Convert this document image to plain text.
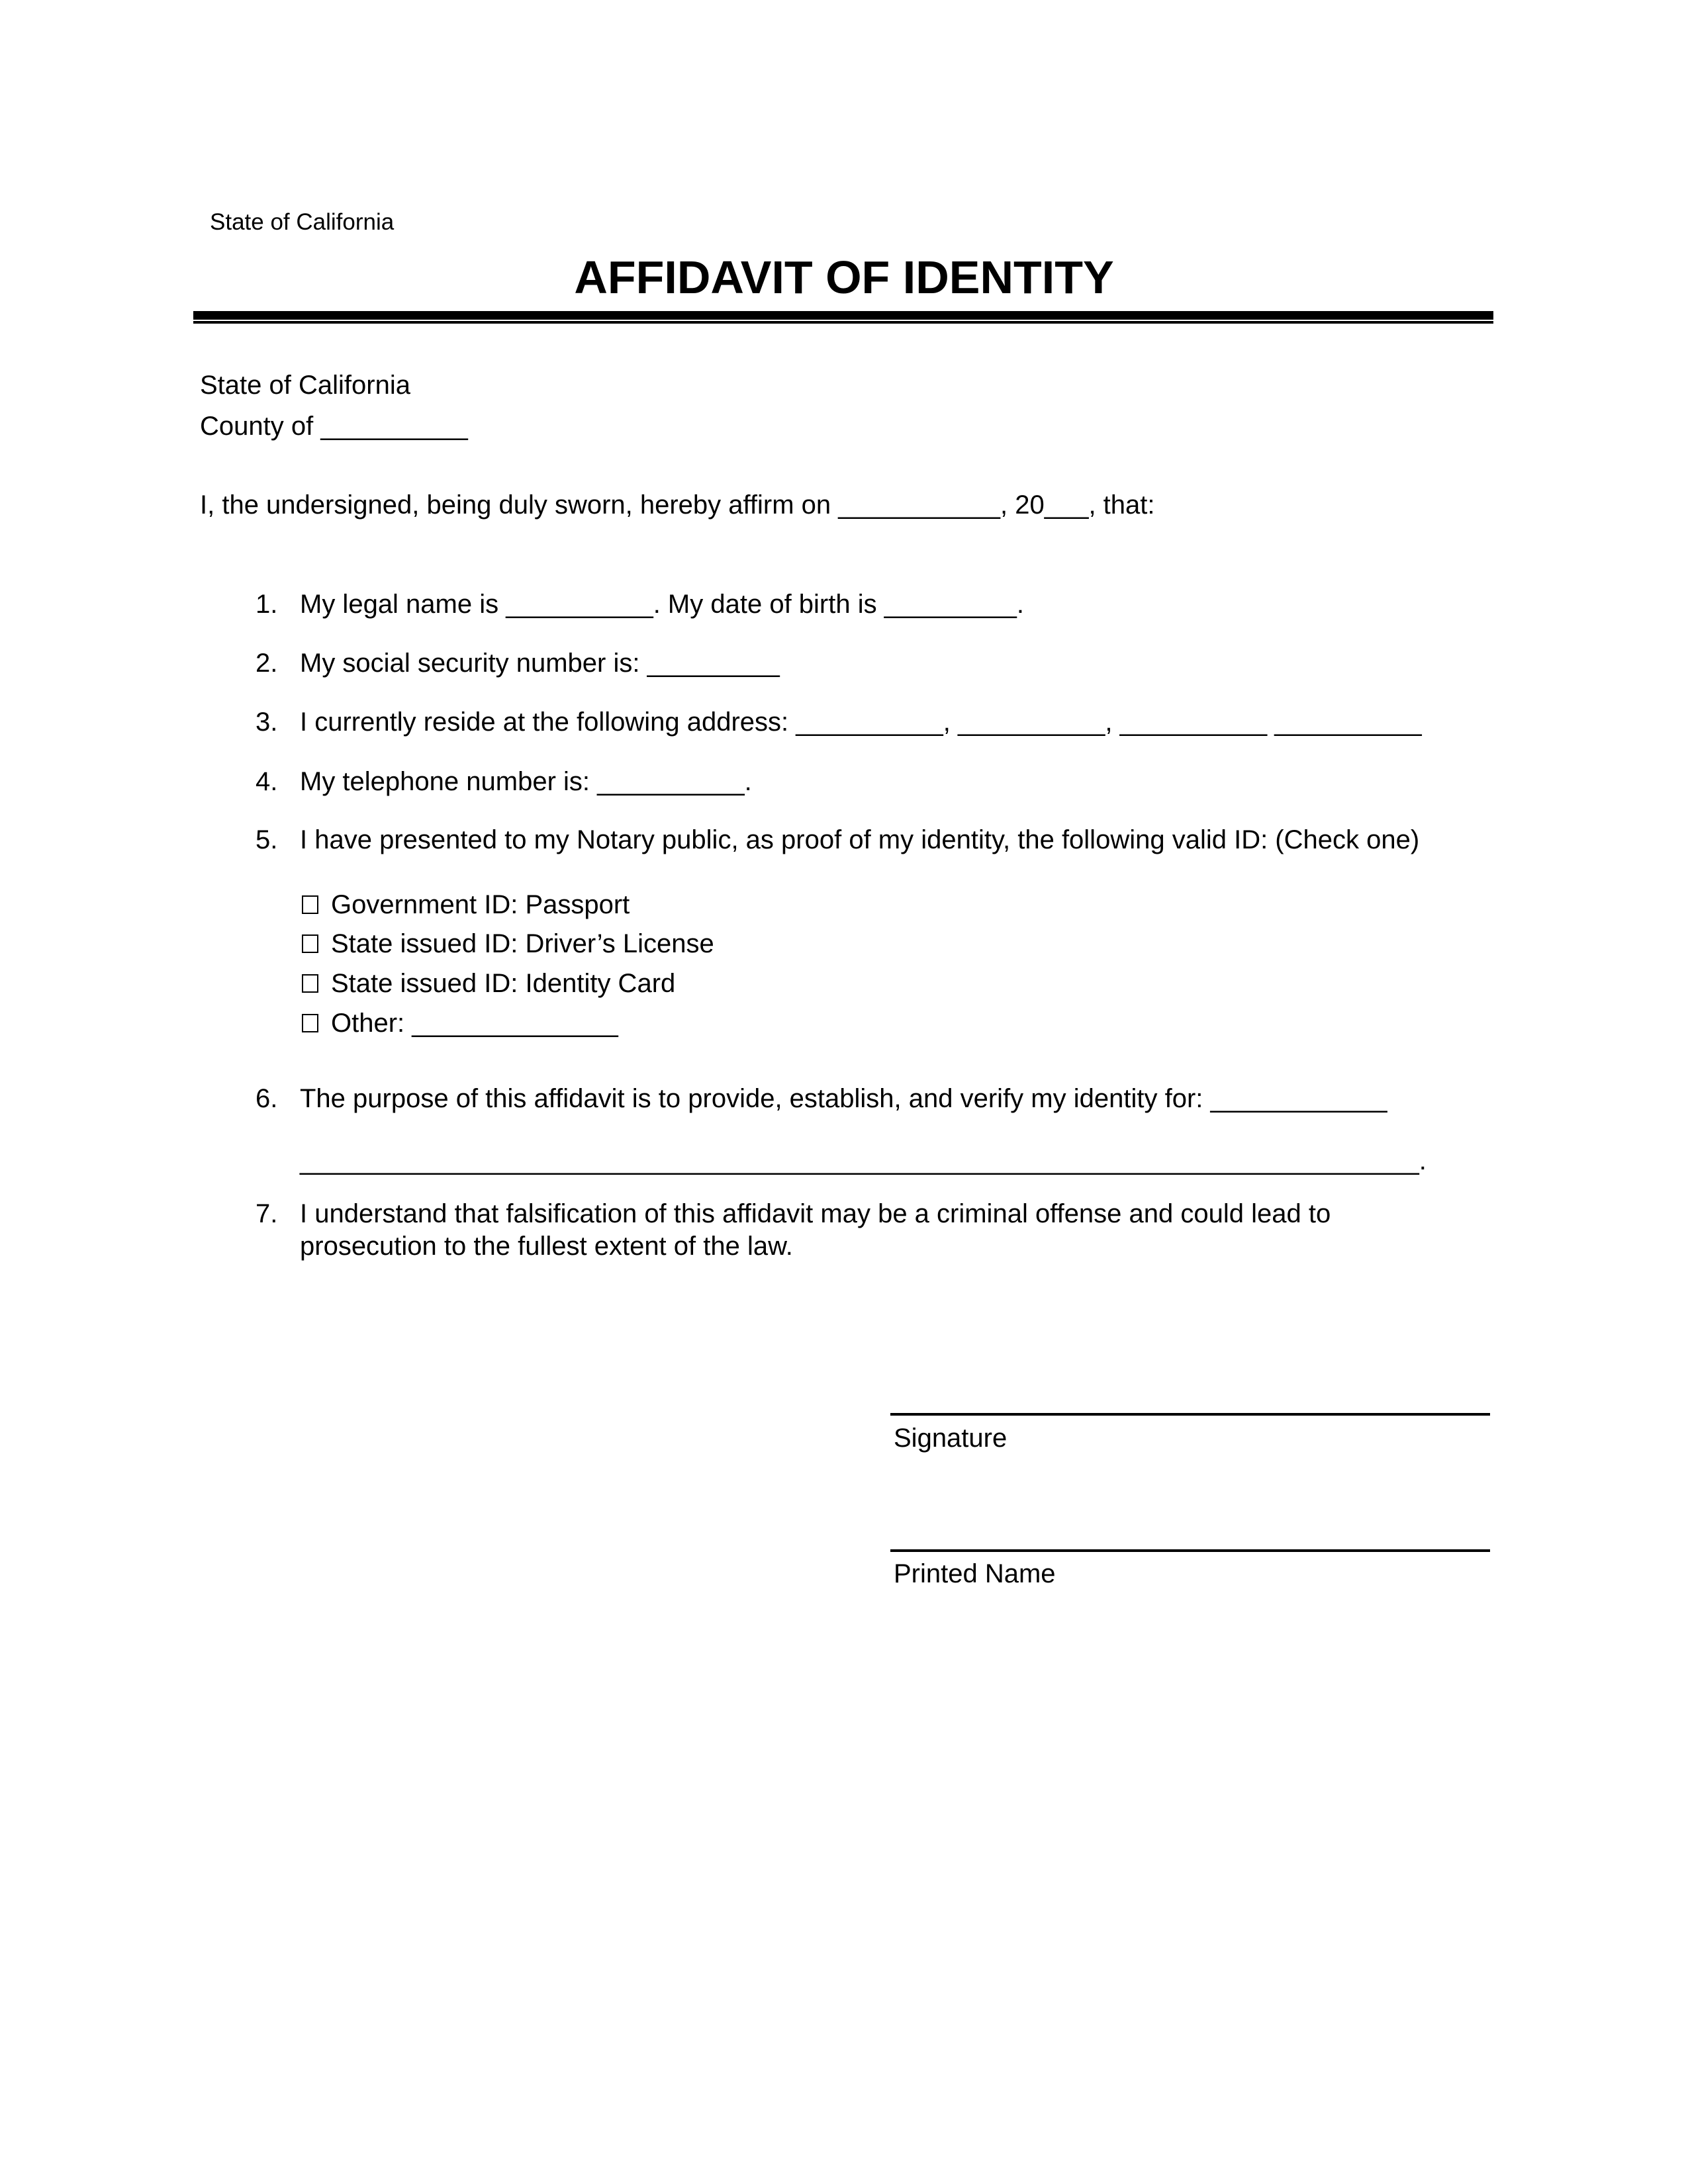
State of California
AFFIDAVIT OF IDENTITY
State of California
County of __________
I, the undersigned, being duly sworn, hereby affirm on ___________, 20___, that:
1. My legal name is __________. My date of birth is _________.
2. My social security number is: _________
3. I currently reside at the following address: __________, __________, __________ __________
4. My telephone number is: __________.
5. I have presented to my Notary public, as proof of my identity, the following valid ID: (Check one)
Government ID: Passport
State issued ID: Driver’s License
State issued ID: Identity Card
Other: ______________
6. The purpose of this affidavit is to provide, establish, and verify my identity for: ____________
____________________________________________________________________________.
7. I understand that falsification of this affidavit may be a criminal offense and could lead to
prosecution to the fullest extent of the law.
Signature
Printed Name
